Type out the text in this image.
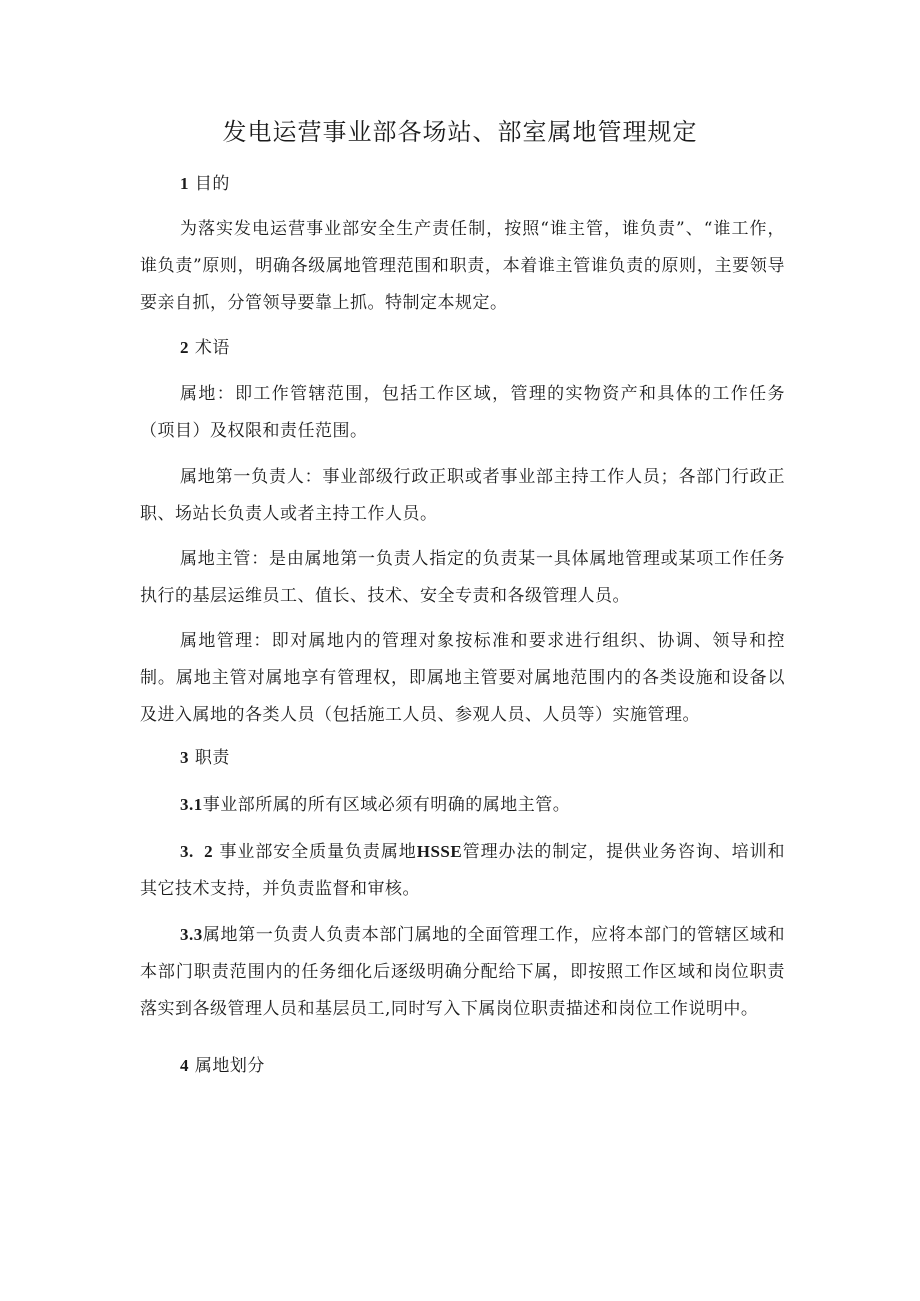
发电运营事业部各场站、部室属地管理规定

1 目的

为落实发电运营事业部安全生产责任制，按照“谁主管，谁负责”、“谁工作，谁负责”原则，明确各级属地管理范围和职责，本着谁主管谁负责的原则，主要领导要亲自抓，分管领导要靠上抓。特制定本规定。

2 术语

属地：即工作管辖范围，包括工作区域，管理的实物资产和具体的工作任务（项目）及权限和责任范围。

属地第一负责人：事业部级行政正职或者事业部主持工作人员；各部门行政正职、场站长负责人或者主持工作人员。

属地主管：是由属地第一负责人指定的负责某一具体属地管理或某项工作任务执行的基层运维员工、值长、技术、安全专责和各级管理人员。

属地管理：即对属地内的管理对象按标准和要求进行组织、协调、领导和控制。属地主管对属地享有管理权，即属地主管要对属地范围内的各类设施和设备以及进入属地的各类人员（包括施工人员、参观人员、人员等）实施管理。

3 职责

3.1事业部所属的所有区域必须有明确的属地主管。

3.  2 事业部安全质量负责属地HSSE管理办法的制定，提供业务咨询、培训和其它技术支持，并负责监督和审核。

3.3属地第一负责人负责本部门属地的全面管理工作，应将本部门的管辖区域和本部门职责范围内的任务细化后逐级明确分配给下属，即按照工作区域和岗位职责落实到各级管理人员和基层员工,同时写入下属岗位职责描述和岗位工作说明中。

4 属地划分
